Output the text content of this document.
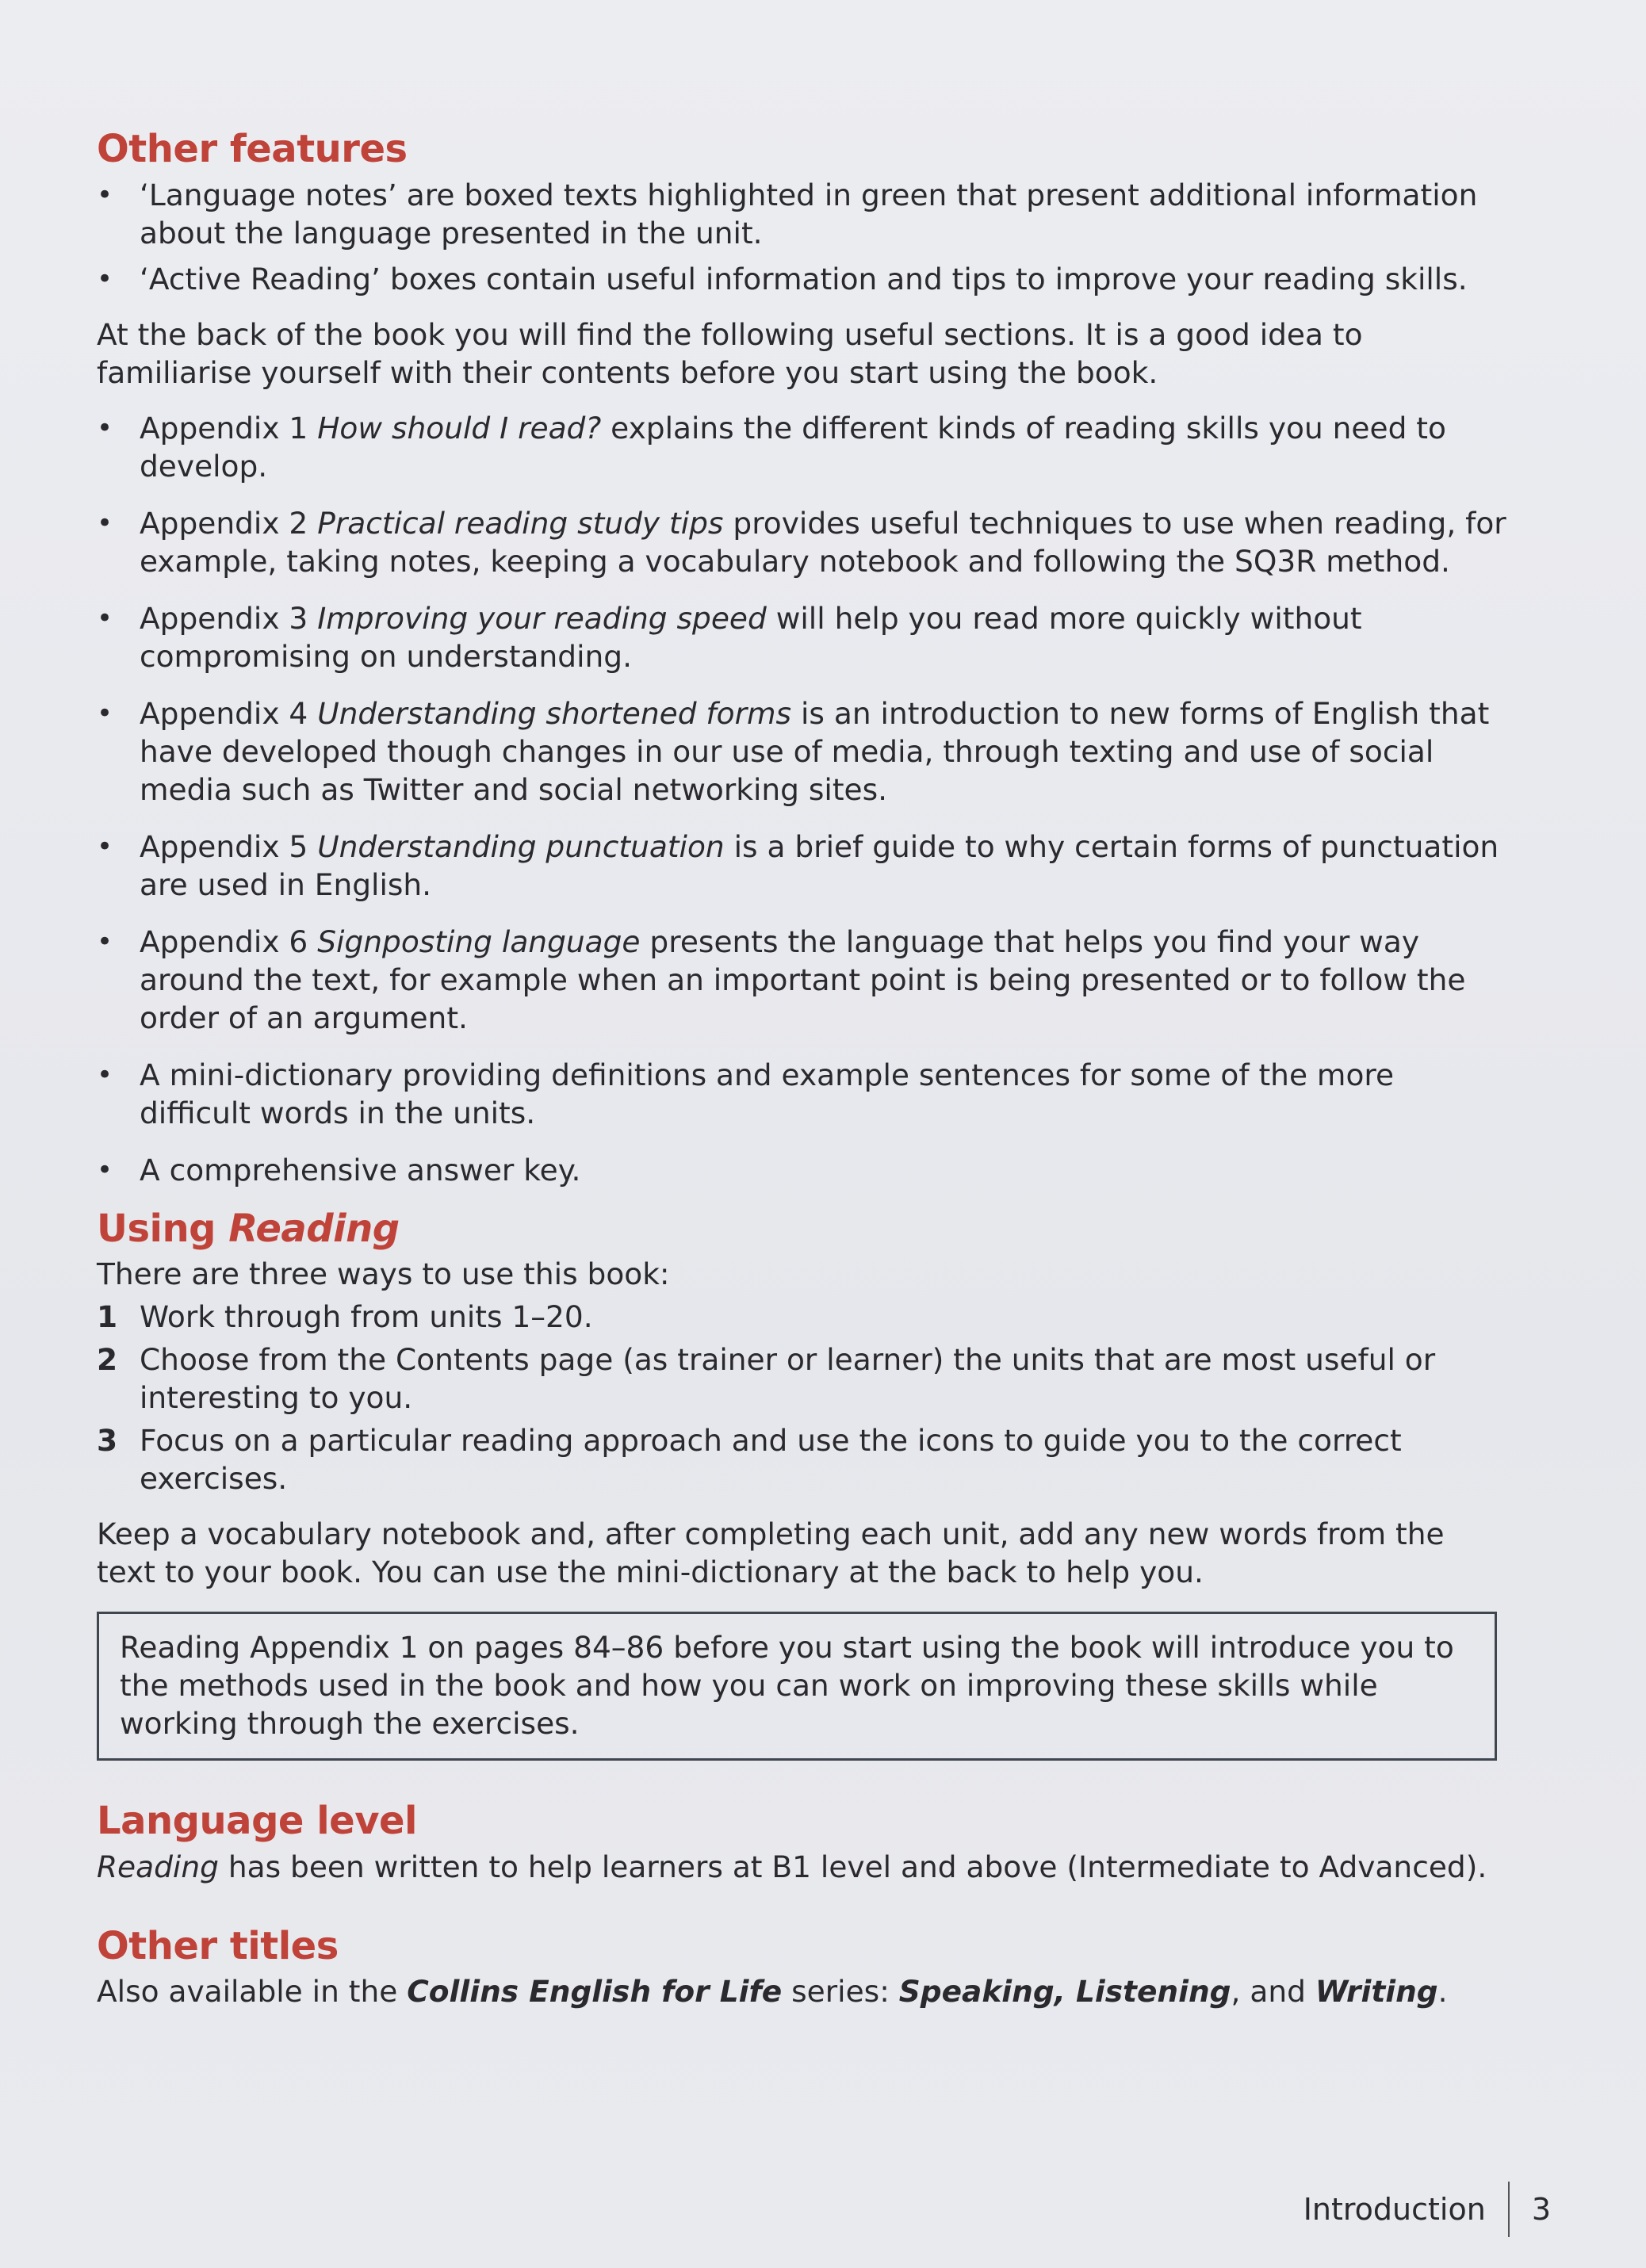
Other features
• ‘Language notes’ are boxed texts highlighted in green that present additional information about the language presented in the unit.
• ‘Active Reading’ boxes contain useful information and tips to improve your reading skills.

At the back of the book you will find the following useful sections. It is a good idea to familiarise yourself with their contents before you start using the book.

• Appendix 1 How should I read? explains the different kinds of reading skills you need to develop.
• Appendix 2 Practical reading study tips provides useful techniques to use when reading, for example, taking notes, keeping a vocabulary notebook and following the SQ3R method.
• Appendix 3 Improving your reading speed will help you read more quickly without compromising on understanding.
• Appendix 4 Understanding shortened forms is an introduction to new forms of English that have developed though changes in our use of media, through texting and use of social media such as Twitter and social networking sites.
• Appendix 5 Understanding punctuation is a brief guide to why certain forms of punctuation are used in English.
• Appendix 6 Signposting language presents the language that helps you find your way around the text, for example when an important point is being presented or to follow the order of an argument.
• A mini-dictionary providing definitions and example sentences for some of the more difficult words in the units.
• A comprehensive answer key.
Using Reading

There are three ways to use this book:

1 Work through from units 1–20.
2 Choose from the Contents page (as trainer or learner) the units that are most useful or interesting to you.
3 Focus on a particular reading approach and use the icons to guide you to the correct exercises.

Keep a vocabulary notebook and, after completing each unit, add any new words from the text to your book. You can use the mini-dictionary at the back to help you.

Reading Appendix 1 on pages 84–86 before you start using the book will introduce you to the methods used in the book and how you can work on improving these skills while working through the exercises.

Language level

Reading has been written to help learners at B1 level and above (Intermediate to Advanced).

Other titles

Also available in the Collins English for Life series: Speaking, Listening, and Writing.

Introduction 3
